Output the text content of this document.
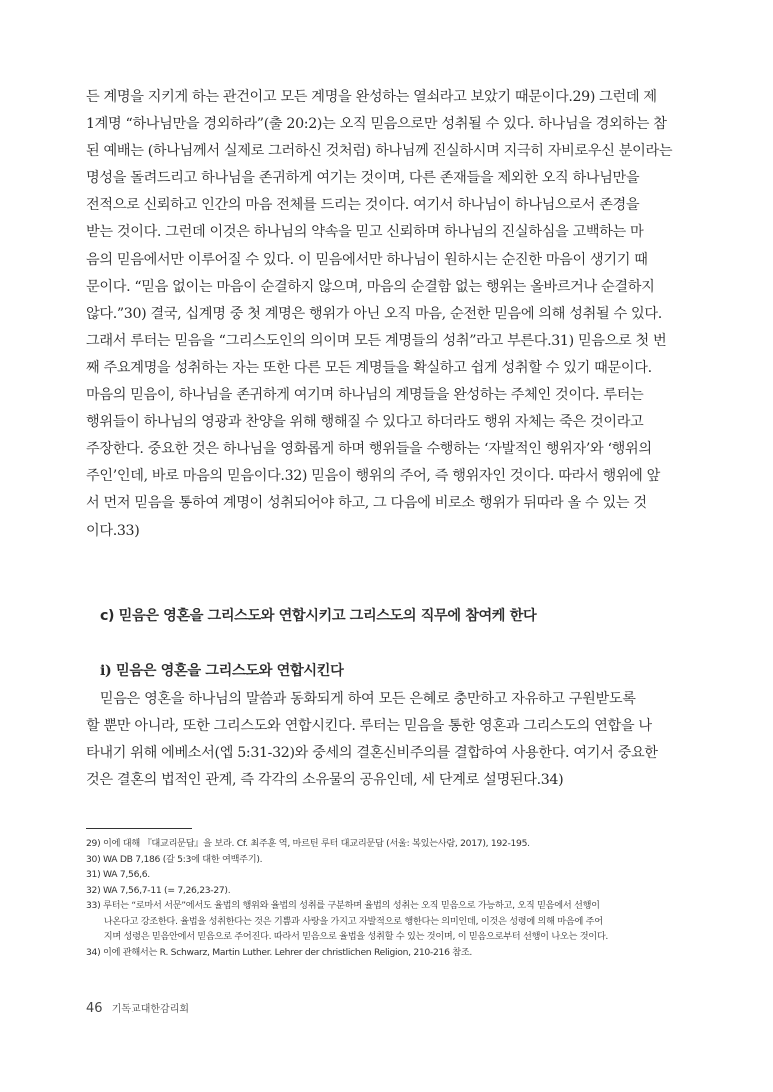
든 계명을 지키게 하는 관건이고 모든 계명을 완성하는 열쇠라고 보았기 때문이다.29) 그런데 제
1계명 “하나님만을 경외하라”(출 20:2)는 오직 믿음으로만 성취될 수 있다. 하나님을 경외하는 참
된 예배는 (하나님께서 실제로 그러하신 것처럼) 하나님께 진실하시며 지극히 자비로우신 분이라는
명성을 돌려드리고 하나님을 존귀하게 여기는 것이며, 다른 존재들을 제외한 오직 하나님만을
전적으로 신뢰하고 인간의 마음 전체를 드리는 것이다. 여기서 하나님이 하나님으로서 존경을
받는 것이다. 그런데 이것은 하나님의 약속을 믿고 신뢰하며 하나님의 진실하심을 고백하는 마
음의 믿음에서만 이루어질 수 있다. 이 믿음에서만 하나님이 원하시는 순진한 마음이 생기기 때
문이다. “믿음 없이는 마음이 순결하지 않으며, 마음의 순결함 없는 행위는 올바르거나 순결하지
않다.”30) 결국, 십계명 중 첫 계명은 행위가 아닌 오직 마음, 순전한 믿음에 의해 성취될 수 있다.
그래서 루터는 믿음을 “그리스도인의 의이며 모든 계명들의 성취”라고 부른다.31) 믿음으로 첫 번
째 주요계명을 성취하는 자는 또한 다른 모든 계명들을 확실하고 쉽게 성취할 수 있기 때문이다.
마음의 믿음이, 하나님을 존귀하게 여기며 하나님의 계명들을 완성하는 주체인 것이다. 루터는
행위들이 하나님의 영광과 찬양을 위해 행해질 수 있다고 하더라도 행위 자체는 죽은 것이라고
주장한다. 중요한 것은 하나님을 영화롭게 하며 행위들을 수행하는 ‘자발적인 행위자’와 ‘행위의
주인’인데, 바로 마음의 믿음이다.32) 믿음이 행위의 주어, 즉 행위자인 것이다. 따라서 행위에 앞
서 먼저 믿음을 통하여 계명이 성취되어야 하고, 그 다음에 비로소 행위가 뒤따라 올 수 있는 것
이다.33)

c) 믿음은 영혼을 그리스도와 연합시키고 그리스도의 직무에 참여케 한다
i) 믿음은 영혼을 그리스도와 연합시킨다

　믿음은 영혼을 하나님의 말씀과 동화되게 하여 모든 은혜로 충만하고 자유하고 구원받도록
할 뿐만 아니라, 또한 그리스도와 연합시킨다. 루터는 믿음을 통한 영혼과 그리스도의 연합을 나
타내기 위해 에베소서(엡 5:31-32)와 중세의 결혼신비주의를 결합하여 사용한다. 여기서 중요한
것은 결혼의 법적인 관계, 즉 각각의 소유물의 공유인데, 세 단계로 설명된다.34)

29) 이에 대해 『대교리문답』을 보라. Cf. 최주훈 역, 마르틴 루터 대교리문답 (서울: 복있는사람, 2017), 192-195.
30) WA DB 7,186 (갈 5:3에 대한 여백주기).
31) WA 7,56,6.
32) WA 7,56,7-11 (= 7,26,23-27).
33) 루터는 “로마서 서문”에서도 율법의 행위와 율법의 성취를 구분하며 율법의 성취는 오직 믿음으로 가능하고, 오직 믿음에서 선행이
　　나온다고 강조한다. 율법을 성취한다는 것은 기쁨과 사랑을 가지고 자발적으로 행한다는 의미인데, 이것은 성령에 의해 마음에 주어
　　지며 성령은 믿음안에서 믿음으로 주어진다. 따라서 믿음으로 율법을 성취할 수 있는 것이며, 이 믿음으로부터 선행이 나오는 것이다.
34) 이에 관해서는 R. Schwarz, Martin Luther. Lehrer der christlichen Religion, 210-216 참조.
46 기독교대한감리회
